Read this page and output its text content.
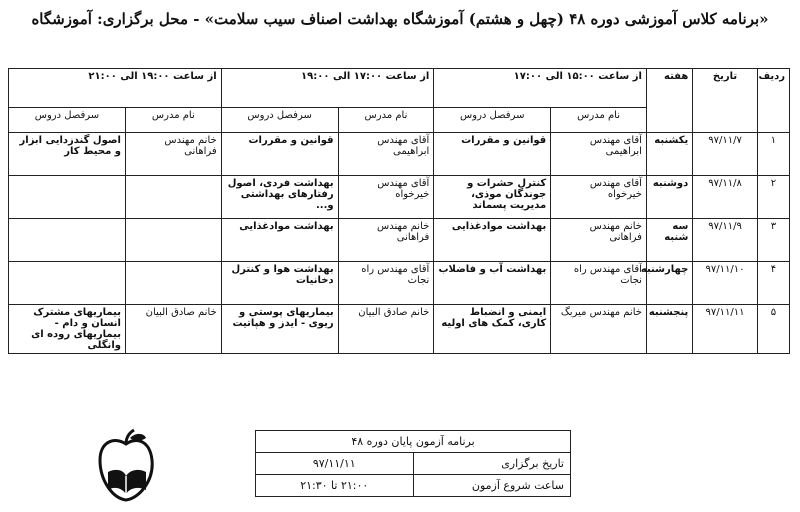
«برنامه کلاس آموزشی دوره ۴۸ (چهل و هشتم) آموزشگاه بهداشت اصناف سیب سلامت» - محل برگزاری: آموزشگاه
ردیف	تاریخ	هفته	از ساعت ۱۵:۰۰ الی ۱۷:۰۰		از ساعت ۱۷:۰۰ الی ۱۹:۰۰		از ساعت ۱۹:۰۰ الی ۲۱:۰۰	
			نام مدرس	سرفصل دروس	نام مدرس	سرفصل دروس	نام مدرس	سرفصل دروس
۱	۹۷/۱۱/۷	یکشنبه	آقای مهندس ابراهیمی	قوانین و مقررات	آقای مهندس ابراهیمی	قوانین و مقررات	خانم مهندس فراهانی	اصول گندزدایی ابزار و محیط کار
۲	۹۷/۱۱/۸	دوشنبه	آقای مهندس خیرخواه	کنترل حشرات و جوندگان موذی، مدیریت پسماند	آقای مهندس خیرخواه	بهداشت فردی، اصول رفتارهای بهداشتی و...		
۳	۹۷/۱۱/۹	سه شنبه	خانم مهندس فراهانی	بهداشت موادغذایی	خانم مهندس فراهانی	بهداشت موادغذایی		
۴	۹۷/۱۱/۱۰	چهارشنبه	آقای مهندس راه نجات	بهداشت آب و فاضلاب	آقای مهندس راه نجات	بهداشت هوا و کنترل دخانیات		
۵	۹۷/۱۱/۱۱	پنجشنبه	خانم مهندس میربگ	ایمنی و انضباط کاری، کمک های اولیه	خانم صادق البیان	بیماریهای پوستی و ریوی - ایدز و هپاتیت	خانم صادق البیان	بیماریهای مشترک انسان و دام - بیماریهای روده ای وانگلی
برنامه آزمون پایان دوره ۴۸	
تاریخ برگزاری	۹۷/۱۱/۱۱
ساعت شروع آزمون	۲۱:۰۰ تا ۲۱:۳۰
